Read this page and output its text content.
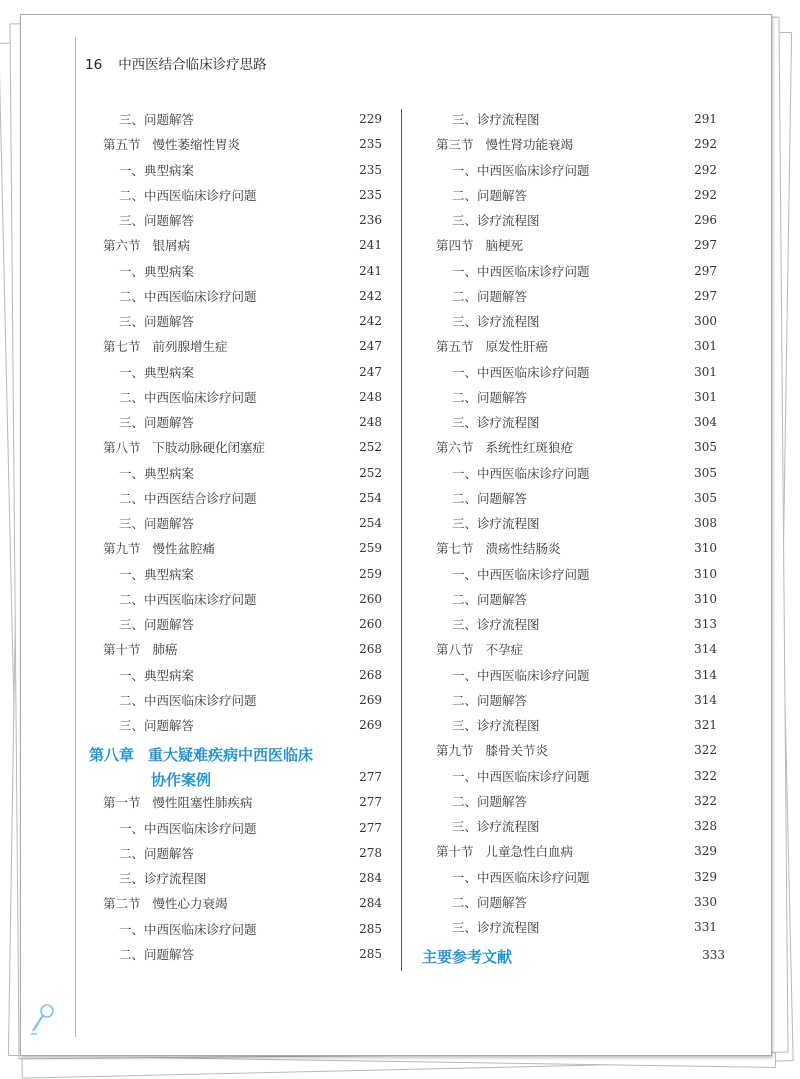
16 中西医结合临床诊疗思路
三、问题解答	229
第五节 慢性萎缩性胃炎	235
一、典型病案	235
二、中西医临床诊疗问题	235
三、问题解答	236
第六节 银屑病	241
一、典型病案	241
二、中西医临床诊疗问题	242
三、问题解答	242
第七节 前列腺增生症	247
一、典型病案	247
二、中西医临床诊疗问题	248
三、问题解答	248
第八节 下肢动脉硬化闭塞症	252
一、典型病案	252
二、中西医结合诊疗问题	254
三、问题解答	254
第九节 慢性盆腔痛	259
一、典型病案	259
二、中西医临床诊疗问题	260
三、问题解答	260
第十节 肺癌	268
一、典型病案	268
二、中西医临床诊疗问题	269
三、问题解答	269
第八章 重大疑难疾病中西医临床
协作案例	277
第一节 慢性阻塞性肺疾病	277
一、中西医临床诊疗问题	277
二、问题解答	278
三、诊疗流程图	284
第二节 慢性心力衰竭	284
一、中西医临床诊疗问题	285
二、问题解答	285
三、诊疗流程图	291
第三节 慢性肾功能衰竭	292
一、中西医临床诊疗问题	292
二、问题解答	292
三、诊疗流程图	296
第四节 脑梗死	297
一、中西医临床诊疗问题	297
二、问题解答	297
三、诊疗流程图	300
第五节 原发性肝癌	301
一、中西医临床诊疗问题	301
二、问题解答	301
三、诊疗流程图	304
第六节 系统性红斑狼疮	305
一、中西医临床诊疗问题	305
二、问题解答	305
三、诊疗流程图	308
第七节 溃疡性结肠炎	310
一、中西医临床诊疗问题	310
二、问题解答	310
三、诊疗流程图	313
第八节 不孕症	314
一、中西医临床诊疗问题	314
二、问题解答	314
三、诊疗流程图	321
第九节 膝骨关节炎	322
一、中西医临床诊疗问题	322
二、问题解答	322
三、诊疗流程图	328
第十节 儿童急性白血病	329
一、中西医临床诊疗问题	329
二、问题解答	330
三、诊疗流程图	331
主要参考文献	333
